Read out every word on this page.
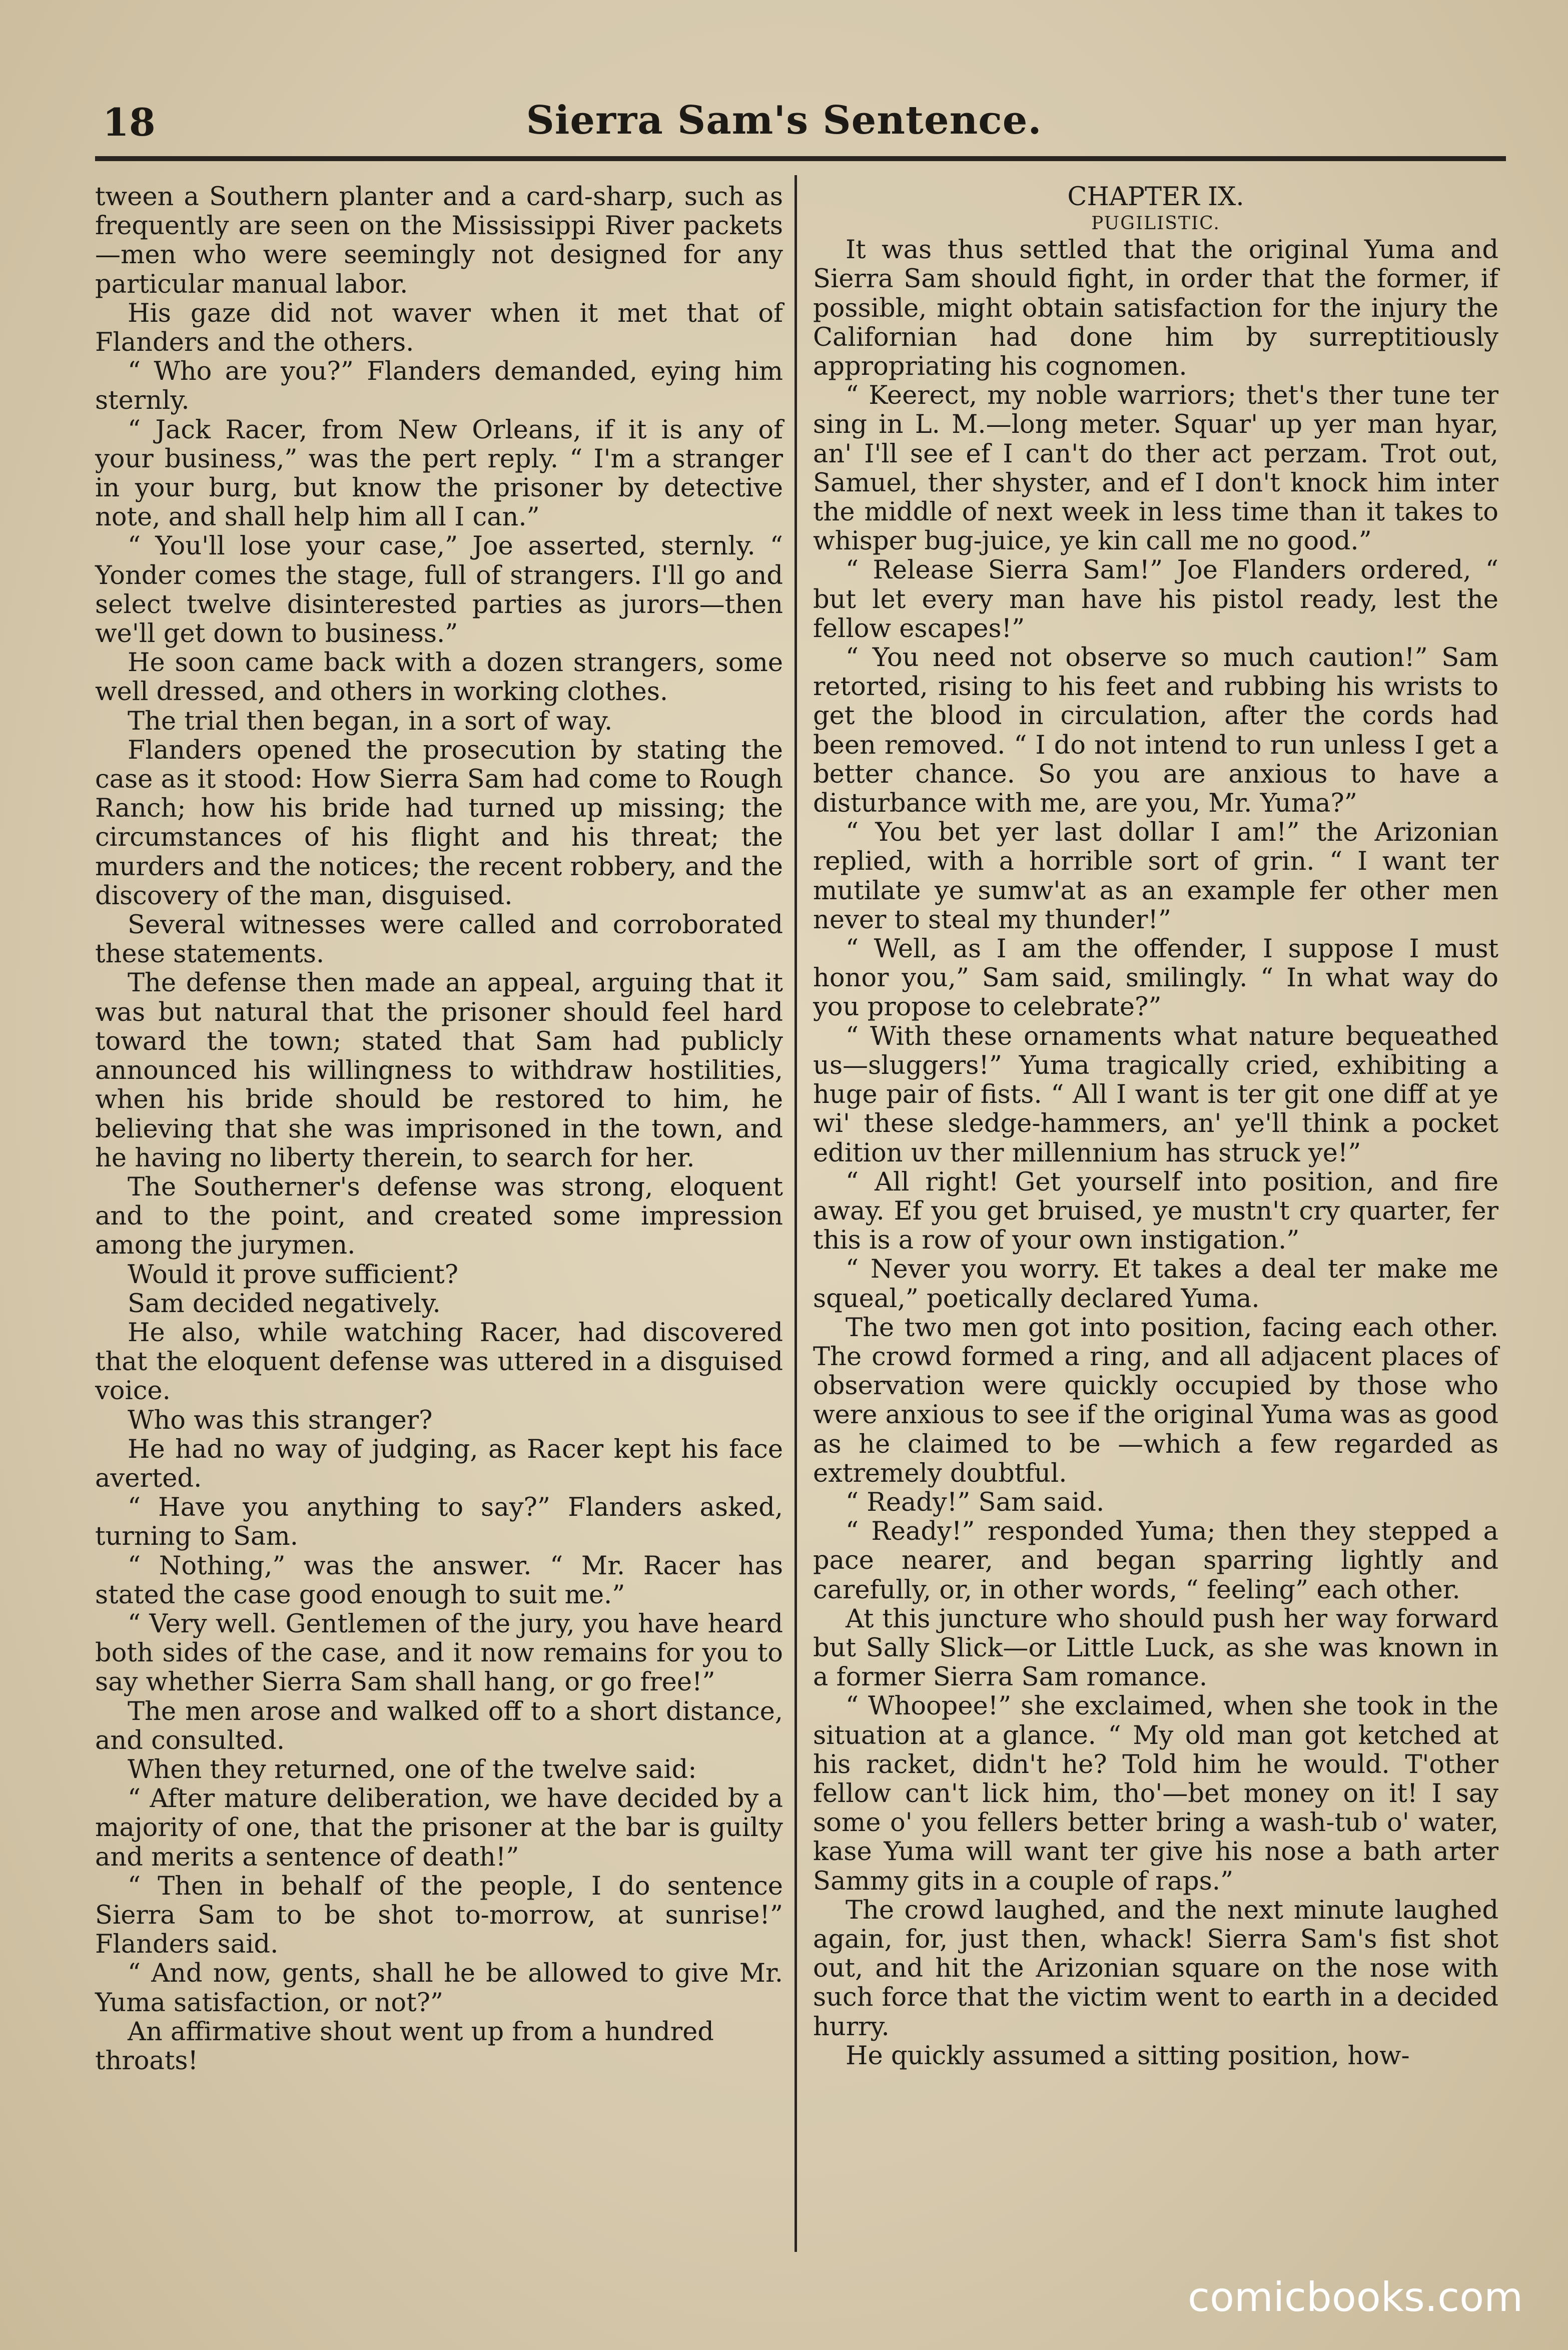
18	Sierra Sam's Sentence.

tween a Southern planter and a card-sharp, such as frequently are seen on the Mississippi River packets—men who were seemingly not designed for any particular manual labor.

His gaze did not waver when it met that of Flanders and the others.

“ Who are you?” Flanders demanded, eying him sternly.

“ Jack Racer, from New Orleans, if it is any of your business,” was the pert reply. “ I'm a stranger in your burg, but know the prisoner by detective note, and shall help him all I can.”

“ You'll lose your case,” Joe asserted, sternly. “ Yonder comes the stage, full of strangers. I'll go and select twelve disinterested parties as jurors—then we'll get down to business.”

He soon came back with a dozen strangers, some well dressed, and others in working clothes.

The trial then began, in a sort of way.

Flanders opened the prosecution by stating the case as it stood: How Sierra Sam had come to Rough Ranch; how his bride had turned up missing; the circumstances of his flight and his threat; the murders and the notices; the recent robbery, and the discovery of the man, disguised.

Several witnesses were called and corroborated these statements.

The defense then made an appeal, arguing that it was but natural that the prisoner should feel hard toward the town; stated that Sam had publicly announced his willingness to withdraw hostilities, when his bride should be restored to him, he believing that she was imprisoned in the town, and he having no liberty therein, to search for her.

The Southerner's defense was strong, eloquent and to the point, and created some impression among the jurymen.

Would it prove sufficient?

Sam decided negatively.

He also, while watching Racer, had discovered that the eloquent defense was uttered in a disguised voice.

Who was this stranger?

He had no way of judging, as Racer kept his face averted.

“ Have you anything to say?” Flanders asked, turning to Sam.

“ Nothing,” was the answer. “ Mr. Racer has stated the case good enough to suit me.”

“ Very well. Gentlemen of the jury, you have heard both sides of the case, and it now remains for you to say whether Sierra Sam shall hang, or go free!”

The men arose and walked off to a short distance, and consulted.

When they returned, one of the twelve said:

“ After mature deliberation, we have decided by a majority of one, that the prisoner at the bar is guilty and merits a sentence of death!”

“ Then in behalf of the people, I do sentence Sierra Sam to be shot to-morrow, at sunrise!” Flanders said.

“ And now, gents, shall he be allowed to give Mr. Yuma satisfaction, or not?”

An affirmative shout went up from a hundred throats!

CHAPTER IX.
PUGILISTIC.

It was thus settled that the original Yuma and Sierra Sam should fight, in order that the former, if possible, might obtain satisfaction for the injury the Californian had done him by surreptitiously appropriating his cognomen.

“ Keerect, my noble warriors; thet's ther tune ter sing in L. M.—long meter. Squar' up yer man hyar, an' I'll see ef I can't do ther act perzam. Trot out, Samuel, ther shyster, and ef I don't knock him inter the middle of next week in less time than it takes to whisper bug-juice, ye kin call me no good.”

“ Release Sierra Sam!” Joe Flanders ordered, “ but let every man have his pistol ready, lest the fellow escapes!”

“ You need not observe so much caution!” Sam retorted, rising to his feet and rubbing his wrists to get the blood in circulation, after the cords had been removed. “ I do not intend to run unless I get a better chance. So you are anxious to have a disturbance with me, are you, Mr. Yuma?”

“ You bet yer last dollar I am!” the Arizonian replied, with a horrible sort of grin. “ I want ter mutilate ye sumw'at as an example fer other men never to steal my thunder!”

“ Well, as I am the offender, I suppose I must honor you,” Sam said, smilingly. “ In what way do you propose to celebrate?”

“ With these ornaments what nature bequeathed us—sluggers!” Yuma tragically cried, exhibiting a huge pair of fists. “ All I want is ter git one diff at ye wi' these sledge-hammers, an' ye'll think a pocket edition uv ther millennium has struck ye!”

“ All right! Get yourself into position, and fire away. Ef you get bruised, ye mustn't cry quarter, fer this is a row of your own instigation.”

“ Never you worry. Et takes a deal ter make me squeal,” poetically declared Yuma.

The two men got into position, facing each other. The crowd formed a ring, and all adjacent places of observation were quickly occupied by those who were anxious to see if the original Yuma was as good as he claimed to be —which a few regarded as extremely doubtful.

“ Ready!” Sam said.

“ Ready!” responded Yuma; then they stepped a pace nearer, and began sparring lightly and carefully, or, in other words, “ feeling” each other.

At this juncture who should push her way forward but Sally Slick—or Little Luck, as she was known in a former Sierra Sam romance.

“ Whoopee!” she exclaimed, when she took in the situation at a glance. “ My old man got ketched at his racket, didn't he? Told him he would. T'other fellow can't lick him, tho'—bet money on it! I say some o' you fellers better bring a wash-tub o' water, kase Yuma will want ter give his nose a bath arter Sammy gits in a couple of raps.”

The crowd laughed, and the next minute laughed again, for, just then, whack! Sierra Sam's fist shot out, and hit the Arizonian square on the nose with such force that the victim went to earth in a decided hurry.

He quickly assumed a sitting position, how-

comicbooks.com
